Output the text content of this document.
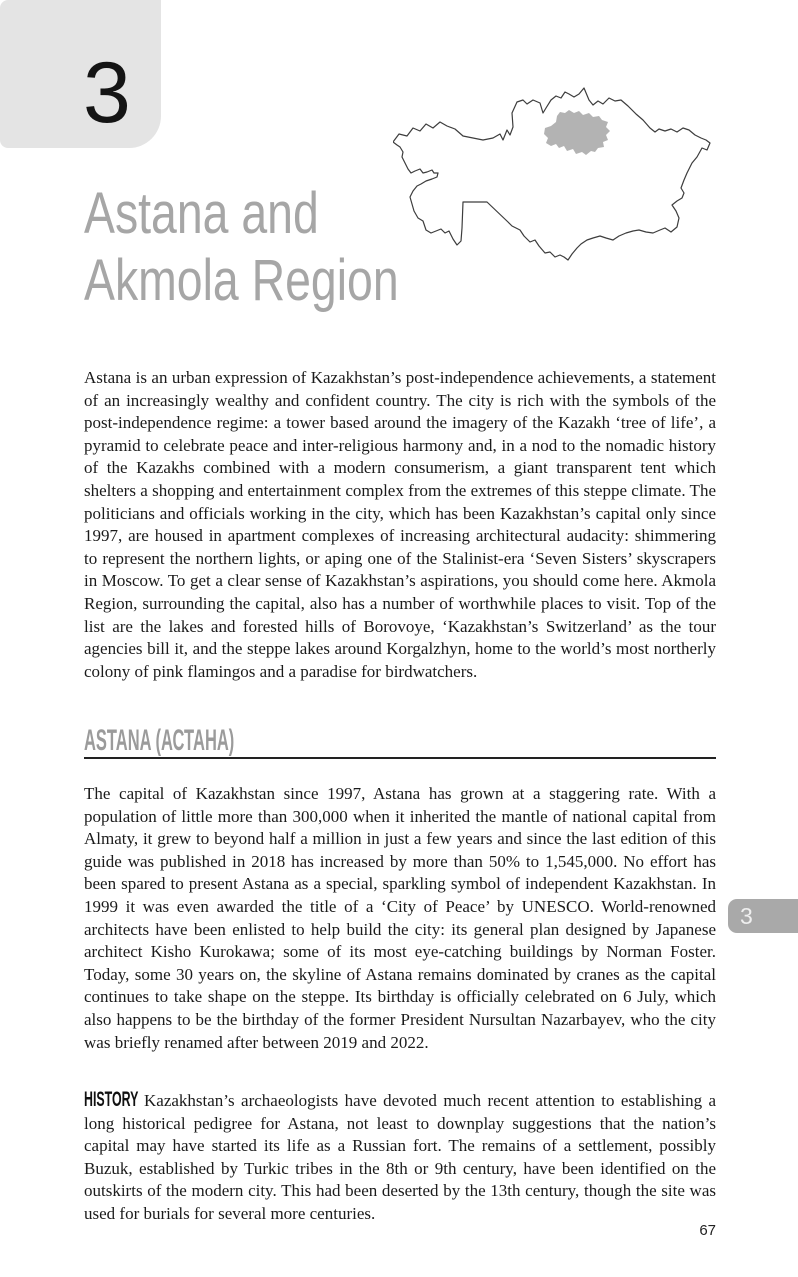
3
Astana and
Akmola Region

Astana is an urban expression of Kazakhstan’s post-independence achievements, a statement of an increasingly wealthy and confident country. The city is rich with the symbols of the post-independence regime: a tower based around the imagery of the Kazakh ‘tree of life’, a pyramid to celebrate peace and inter-religious harmony and, in a nod to the nomadic history of the Kazakhs combined with a modern consumerism, a giant transparent tent which shelters a shopping and entertainment complex from the extremes of this steppe climate. The politicians and officials working in the city, which has been Kazakhstan’s capital only since 1997, are housed in apartment complexes of increasing architectural audacity: shimmering to represent the northern lights, or aping one of the Stalinist-era ‘Seven Sisters’ skyscrapers in Moscow. To get a clear sense of Kazakhstan’s aspirations, you should come here. Akmola Region, surrounding the capital, also has a number of worthwhile places to visit. Top of the list are the lakes and forested hills of Borovoye, ‘Kazakhstan’s Switzerland’ as the tour agencies bill it, and the steppe lakes around Korgalzhyn, home to the world’s most northerly colony of pink flamingos and a paradise for birdwatchers.

ASTANA (АСТАНА)

The capital of Kazakhstan since 1997, Astana has grown at a staggering rate. With a population of little more than 300,000 when it inherited the mantle of national capital from Almaty, it grew to beyond half a million in just a few years and since the last edition of this guide was published in 2018 has increased by more than 50% to 1,545,000. No effort has been spared to present Astana as a special, sparkling symbol of independent Kazakhstan. In 1999 it was even awarded the title of a ‘City of Peace’ by UNESCO. World-renowned architects have been enlisted to help build the city: its general plan designed by Japanese architect Kisho Kurokawa; some of its most eye-catching buildings by Norman Foster. Today, some 30 years on, the skyline of Astana remains dominated by cranes as the capital continues to take shape on the steppe. Its birthday is officially celebrated on 6 July, which also happens to be the birthday of the former President Nursultan Nazarbayev, who the city was briefly renamed after between 2019 and 2022.

HISTORY Kazakhstan’s archaeologists have devoted much recent attention to establishing a long historical pedigree for Astana, not least to downplay suggestions that the nation’s capital may have started its life as a Russian fort. The remains of a settlement, possibly Buzuk, established by Turkic tribes in the 8th or 9th century, have been identified on the outskirts of the modern city. This had been deserted by the 13th century, though the site was used for burials for several more centuries.

3
67
